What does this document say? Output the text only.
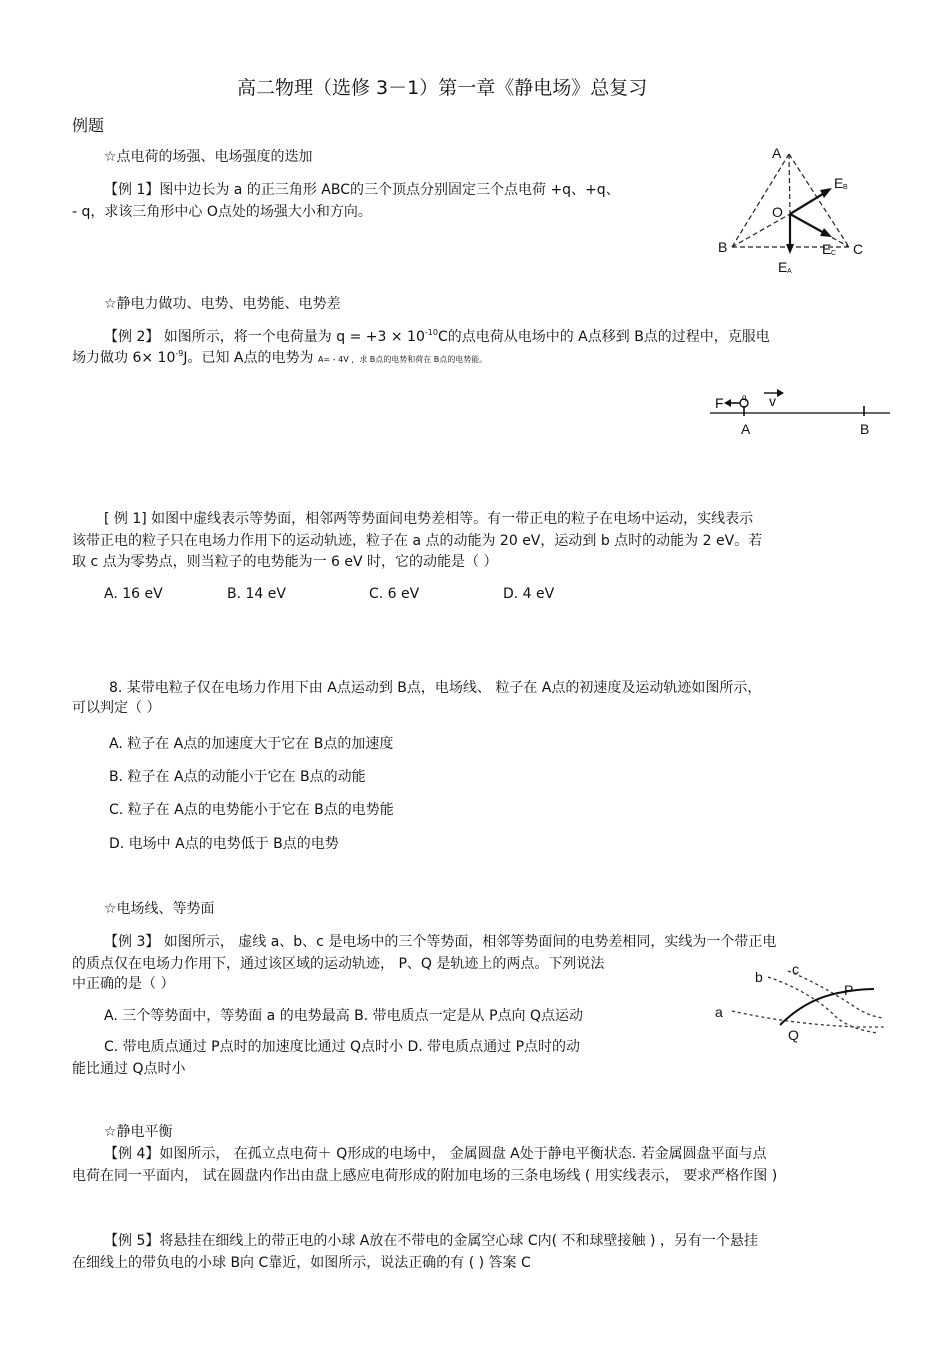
高二物理（选修 3－1）第一章《静电场》总复习
例题
☆点电荷的场强、电场强度的迭加
【例 1】图中边长为 a 的正三角形 ABC的三个顶点分别固定三个点电荷 +q、+q、
- q，求该三角形中心 O点处的场强大小和方向。
A
B	C
O
E B
E C
E A
☆静电力做功、电势、电势能、电势差
【例 2】 如图所示，将一个电荷量为 $q = +3 \times 10^{-10}C$的点电荷从电场中的 A点移到 B点的过程中，克服电
场力做功 $6\times 10^{-9}J$。已知 A点的电势为 A= - 4V ，求 B点的电势和荷在 B点的电势能。
F q v
A	B
[ 例 1] 如图中虚线表示等势面，相邻两等势面间电势差相等。有一带正电的粒子在电场中运动，实线表示
该带正电的粒子只在电场力作用下的运动轨迹，粒子在 a 点的动能为 20 eV，运动到 b 点时的动能为 2 eV。若
取 c 点为零势点，则当粒子的电势能为一 6 eV 时，它的动能是（ ）
A. 16 eV	B. 14 eV	C. 6 eV	D. 4 eV
8. 某带电粒子仅在电场力作用下由 A点运动到 B点，电场线、 粒子在 A点的初速度及运动轨迹如图所示，
可以判定（ ）
A. 粒子在 A点的加速度大于它在 B点的加速度
B. 粒子在 A点的动能小于它在 B点的动能
C. 粒子在 A点的电势能小于它在 B点的电势能
D. 电场中 A点的电势低于 B点的电势
☆电场线、等势面
【例 3】 如图所示， 虚线 a、b、c 是电场中的三个等势面，相邻等势面间的电势差相同，实线为一个带正电
的质点仅在电场力作用下，通过该区域的运动轨迹， P、Q 是轨迹上的两点。下列说法
中正确的是（ ）
A. 三个等势面中，等势面 a 的电势最高 B. 带电质点一定是从 P点向 Q点运动
C. 带电质点通过 P点时的加速度比通过 Q点时小 D. 带电质点通过 P点时的动
能比通过 Q点时小
b c
a
P
Q
☆静电平衡
【例 4】如图所示， 在孤立点电荷＋ Q形成的电场中， 金属圆盘 A处于静电平衡状态. 若金属圆盘平面与点
电荷在同一平面内， 试在圆盘内作出由盘上感应电荷形成的附加电场的三条电场线 ( 用实线表示， 要求严格作图 )
【例 5】将悬挂在细线上的带正电的小球 A放在不带电的金属空心球 C内( 不和球壁接触 ) ，另有一个悬挂
在细线上的带负电的小球 B向 C靠近，如图所示，说法正确的有 ( ) 答案 C
